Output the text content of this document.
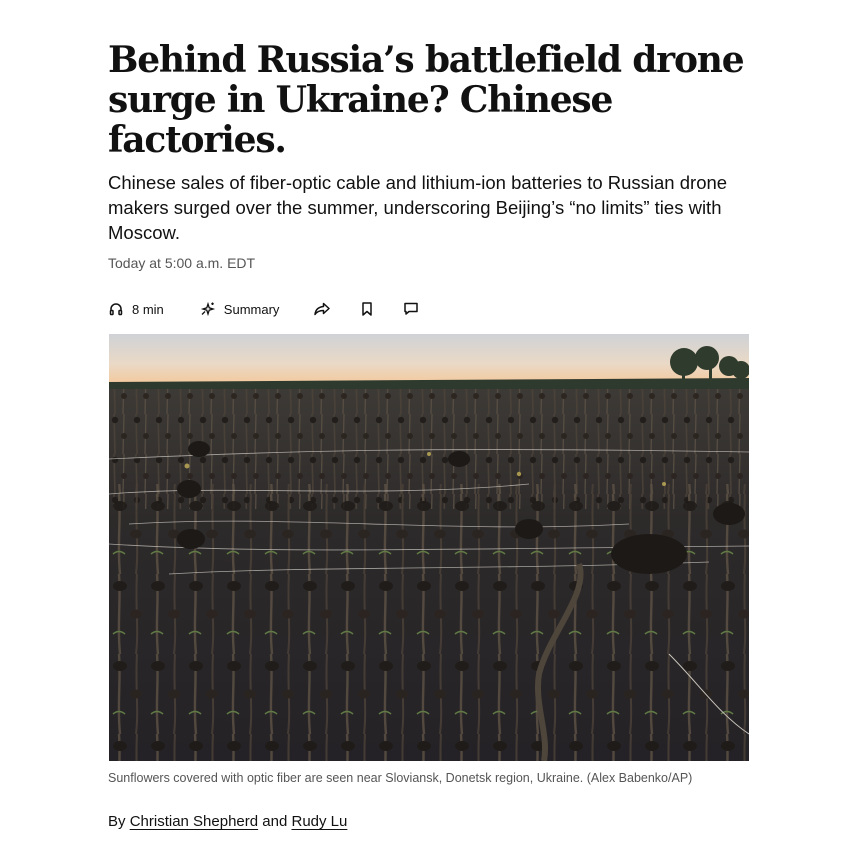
Behind Russia’s battlefield drone surge in Ukraine? Chinese factories.

Chinese sales of fiber-optic cable and lithium-ion batteries to Russian drone makers surged over the summer, underscoring Beijing’s “no limits” ties with Moscow.

Today at 5:00 a.m. EDT
8 min	Summary
Sunflowers covered with optic fiber are seen near Sloviansk, Donetsk region, Ukraine. (Alex Babenko/AP)
By Christian Shepherd and Rudy Lu
